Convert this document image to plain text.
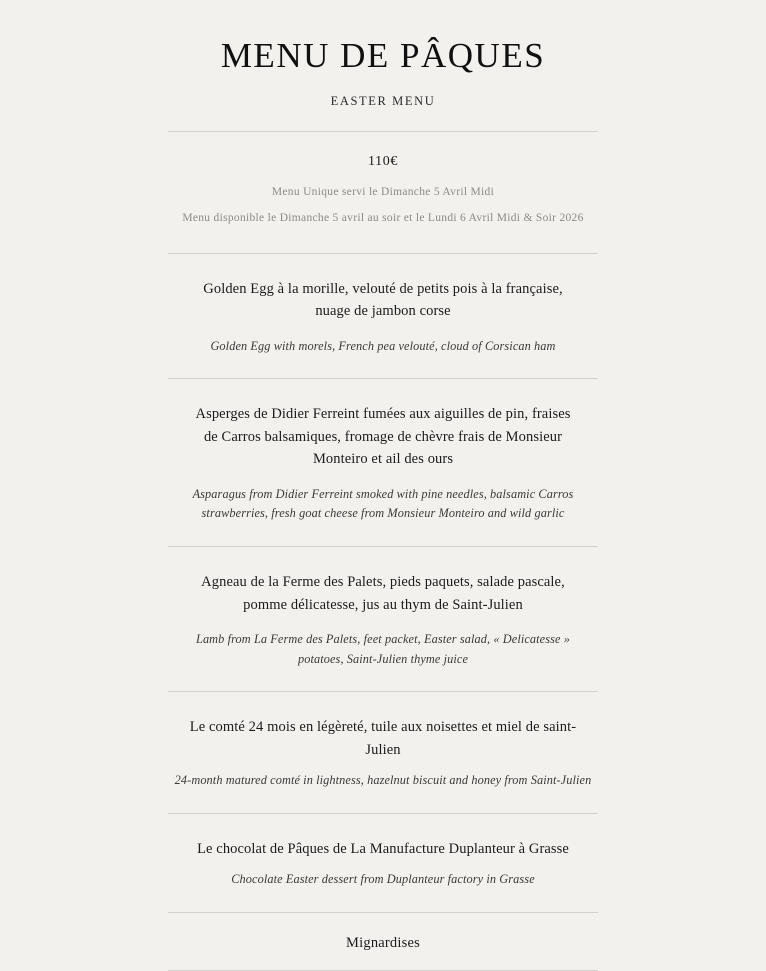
MENU DE PÂQUES
EASTER MENU
110€
Menu Unique servi le Dimanche 5 Avril Midi
Menu disponible le Dimanche 5 avril au soir et le Lundi 6 Avril Midi & Soir 2026
Golden Egg à la morille, velouté de petits pois à la française, nuage de jambon corse
Golden Egg with morels, French pea velouté, cloud of Corsican ham
Asperges de Didier Ferreint fumées aux aiguilles de pin, fraises de Carros balsamiques, fromage de chèvre frais de Monsieur Monteiro et ail des ours
Asparagus from Didier Ferreint smoked with pine needles, balsamic Carros strawberries, fresh goat cheese from Monsieur Monteiro and wild garlic
Agneau de la Ferme des Palets, pieds paquets, salade pascale, pomme délicatesse, jus au thym de Saint-Julien
Lamb from La Ferme des Palets, feet packet, Easter salad, « Delicatesse » potatoes, Saint-Julien thyme juice
Le comté 24 mois en légèreté, tuile aux noisettes et miel de saint-Julien
24-month matured comté in lightness, hazelnut biscuit and honey from Saint-Julien
Le chocolat de Pâques de La Manufacture Duplanteur à Grasse
Chocolate Easter dessert from Duplanteur factory in Grasse
Mignardises
